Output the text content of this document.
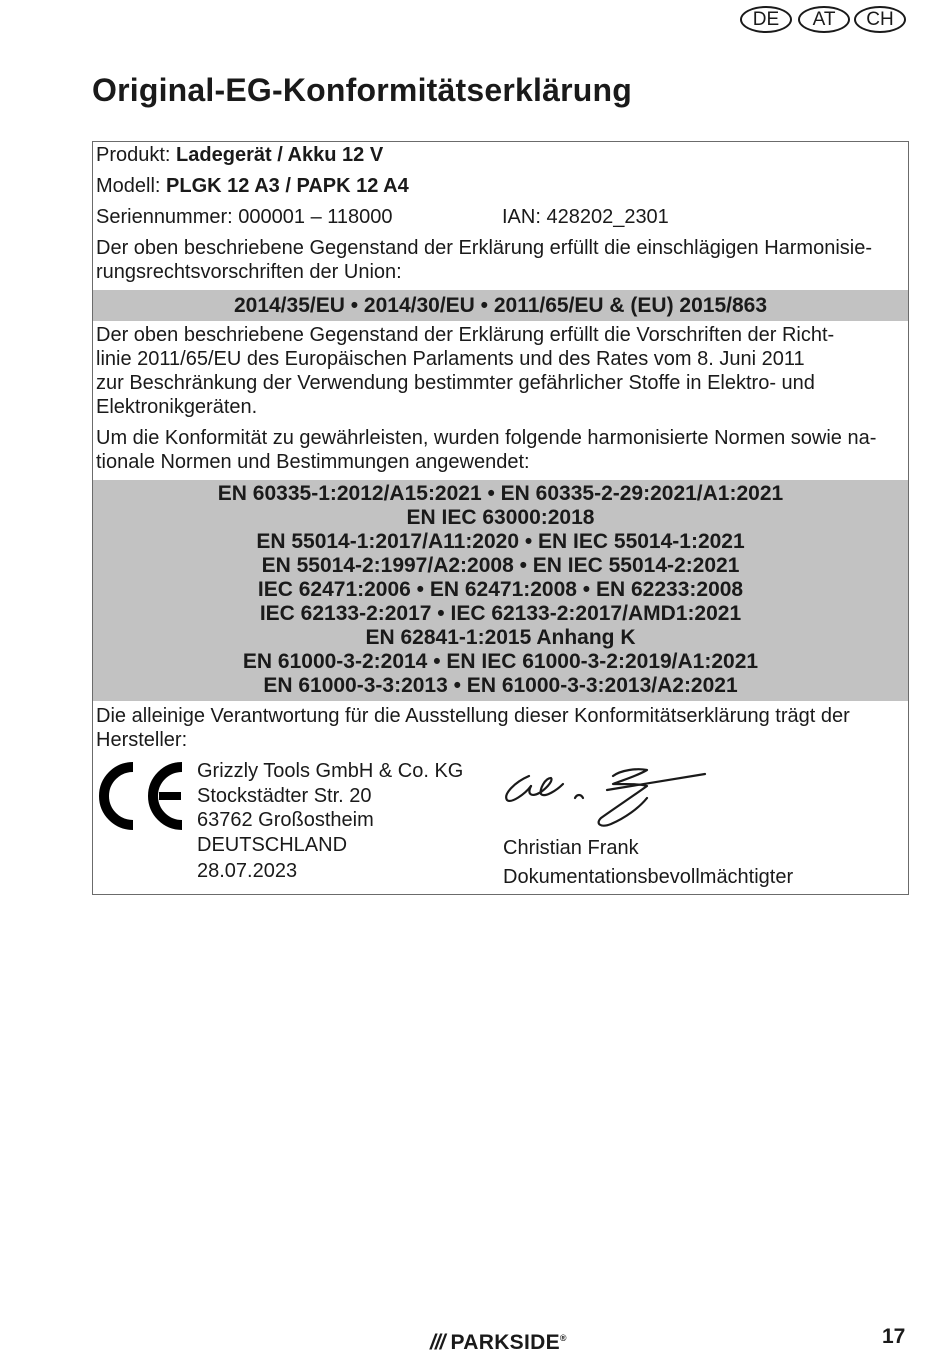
DE	AT	CH
Original-EG-Konformitätserklärung
Produkt: Ladegerät / Akku 12 V
Modell: PLGK 12 A3 / PAPK 12 A4
Seriennummer: 000001 – 118000	IAN: 428202_2301
Der oben beschriebene Gegenstand der Erklärung erfüllt die einschlägigen Harmonisie-
rungsrechtsvorschriften der Union:
2014/35/EU • 2014/30/EU • 2011/65/EU & (EU) 2015/863
Der oben beschriebene Gegenstand der Erklärung erfüllt die Vorschriften der Richt-
linie 2011/65/EU des Europäischen Parlaments und des Rates vom 8. Juni 2011
zur Beschränkung der Verwendung bestimmter gefährlicher Stoffe in Elektro- und
Elektronikgeräten.
Um die Konformität zu gewährleisten, wurden folgende harmonisierte Normen sowie na-
tionale Normen und Bestimmungen angewendet:
EN 60335-1:2012/A15:2021 • EN 60335-2-29:2021/A1:2021
EN IEC 63000:2018
EN 55014-1:2017/A11:2020 • EN IEC 55014-1:2021
EN 55014-2:1997/A2:2008 • EN IEC 55014-2:2021
IEC 62471:2006 • EN 62471:2008 • EN 62233:2008
IEC 62133-2:2017 • IEC 62133-2:2017/AMD1:2021
EN 62841-1:2015 Anhang K
EN 61000-3-2:2014 • EN IEC 61000-3-2:2019/A1:2021
EN 61000-3-3:2013 • EN 61000-3-3:2013/A2:2021
Die alleinige Verantwortung für die Ausstellung dieser Konformitätserklärung trägt der
Hersteller:
Grizzly Tools GmbH & Co. KG
Stockstädter Str. 20
63762 Großostheim
DEUTSCHLAND
28.07.2023
Christian Frank
Dokumentationsbevollmächtigter
/// PARKSIDE®	17
